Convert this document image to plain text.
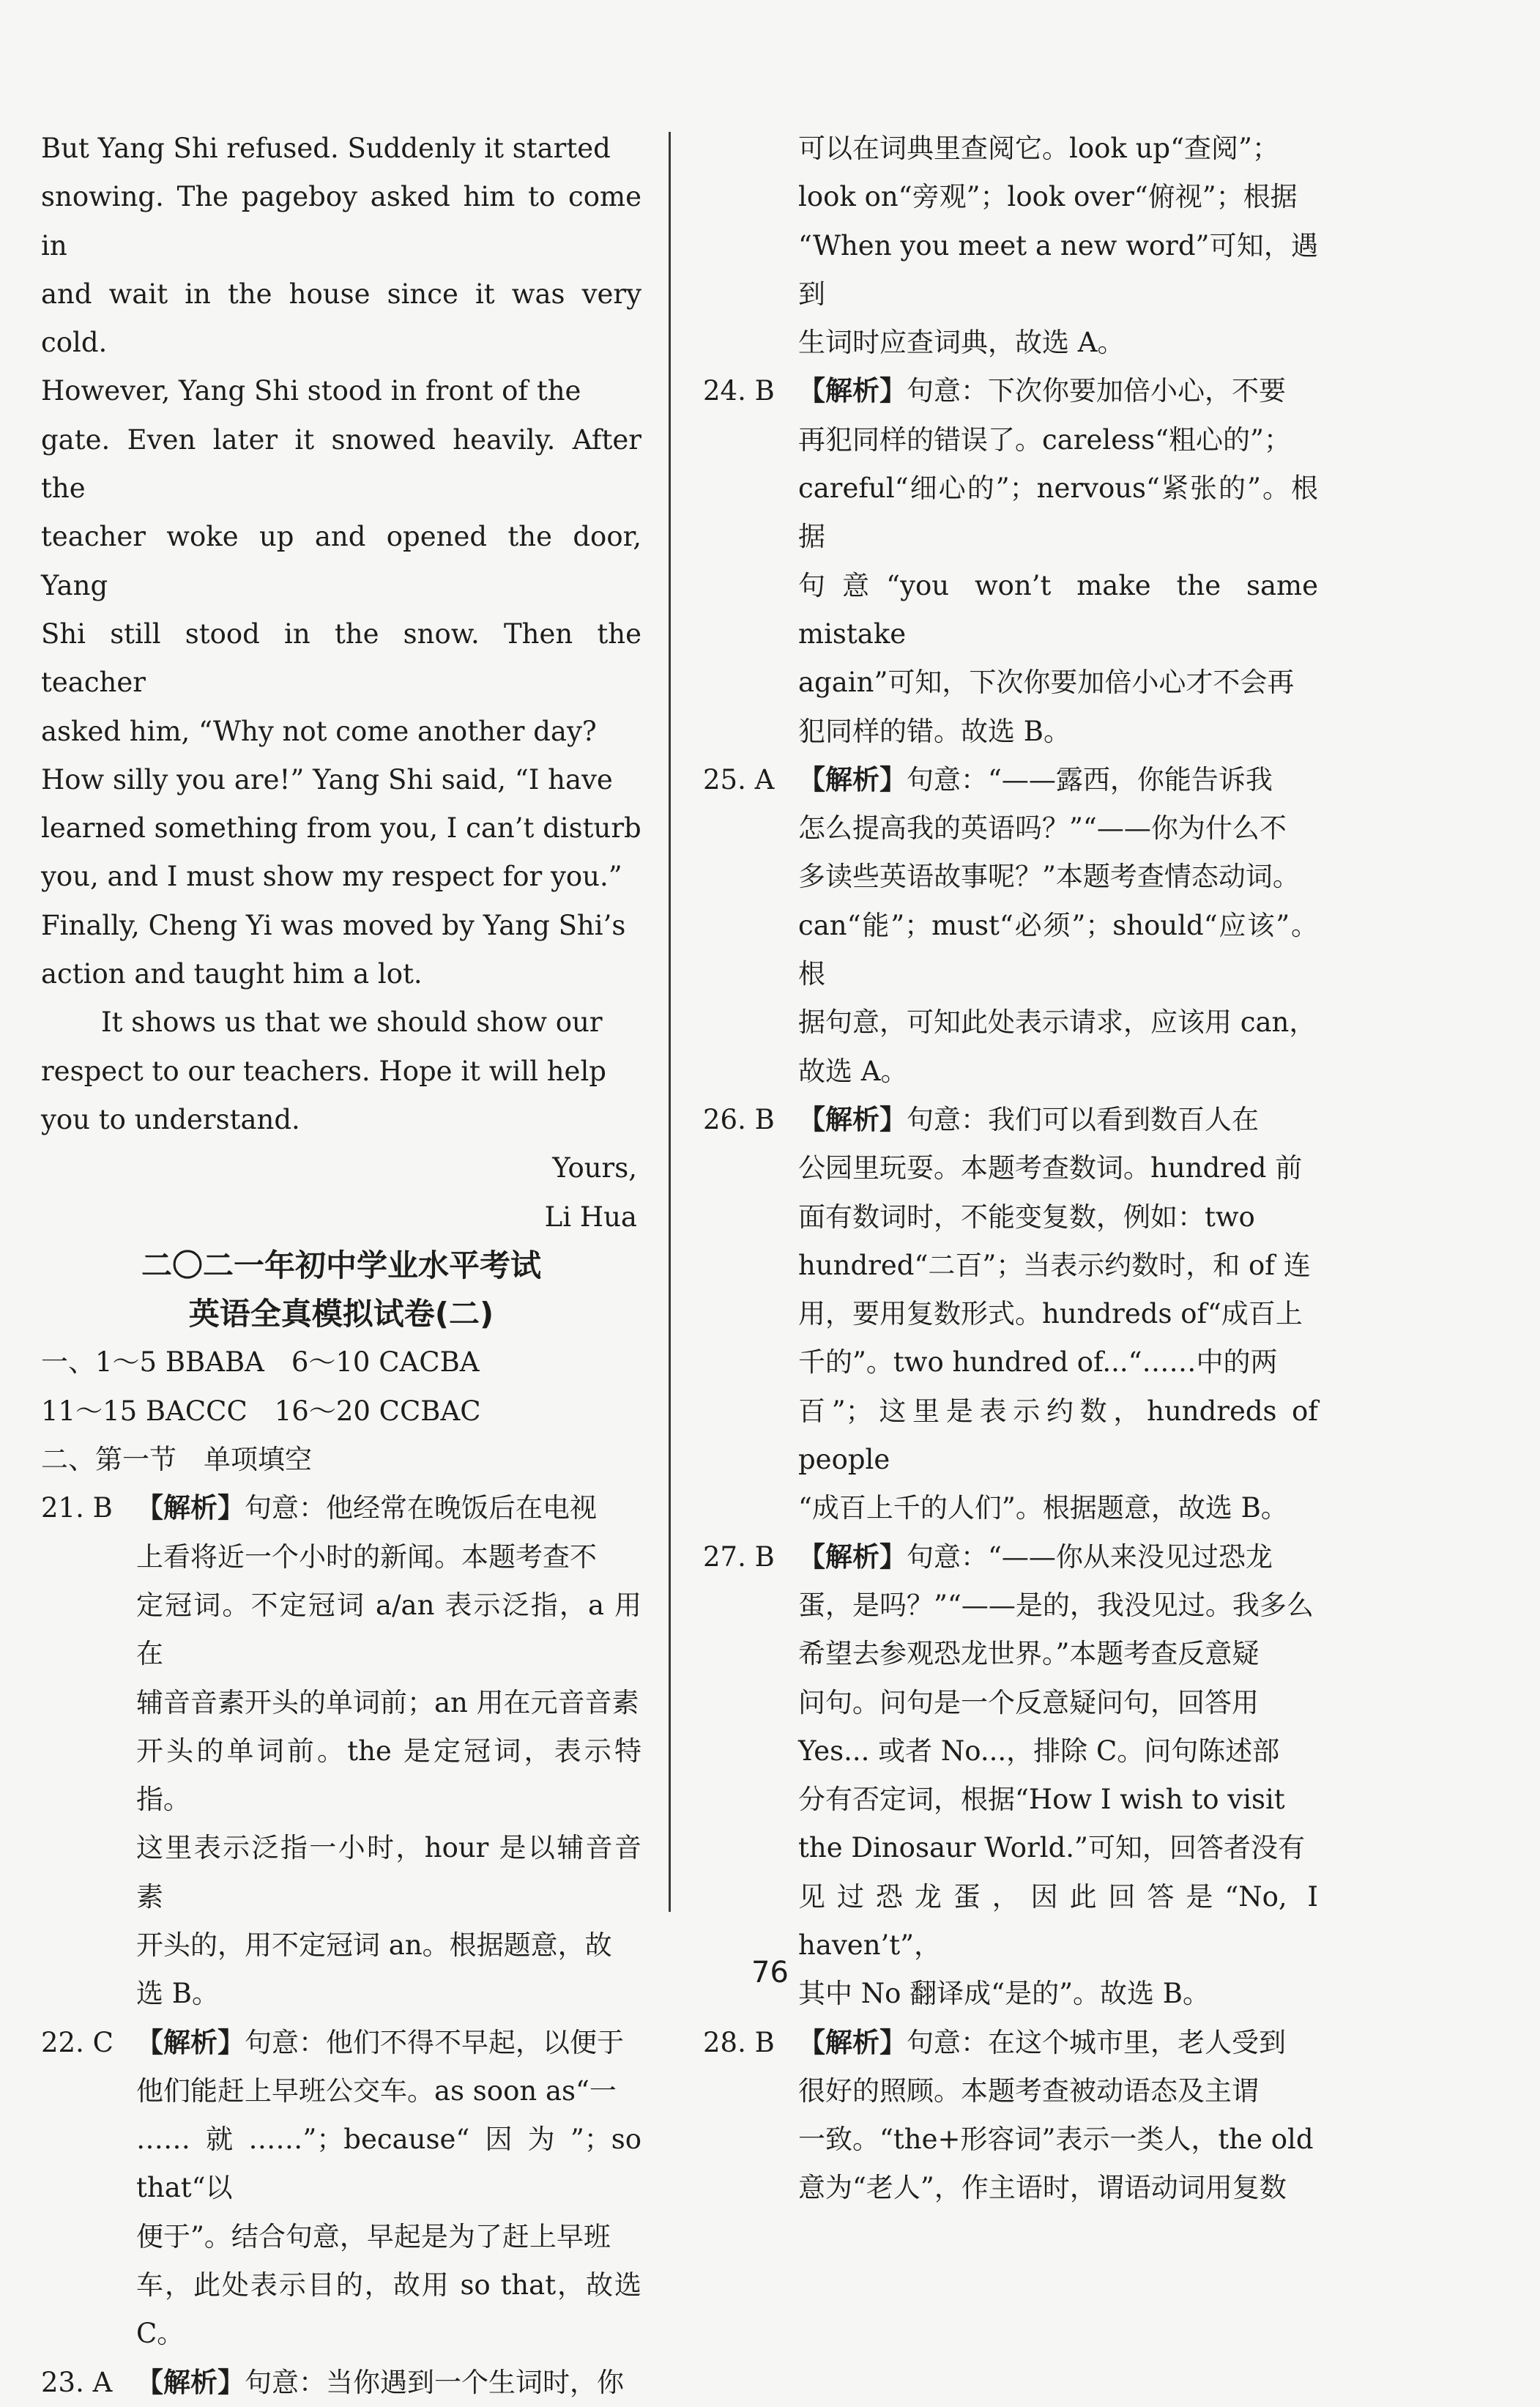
But Yang Shi refused. Suddenly it started

snowing. The pageboy asked him to come in

and wait in the house since it was very cold.

However, Yang Shi stood in front of the

gate. Even later it snowed heavily. After the

teacher woke up and opened the door, Yang

Shi still stood in the snow. Then the teacher

asked him, “Why not come another day?

How silly you are!” Yang Shi said, “I have

learned something from you, I can’t disturb

you, and I must show my respect for you.”

Finally, Cheng Yi was moved by Yang Shi’s

action and taught him a lot.

It shows us that we should show our

respect to our teachers. Hope it will help

you to understand.

Yours,

Li Hua

二〇二一年初中学业水平考试

英语全真模拟试卷(二)

一、1～5 BBABA　6～10 CACBA

11～15 BACCC　16～20 CCBAC

二、第一节　单项填空

21. B 【解析】句意：他经常在晚饭后在电视

上看将近一个小时的新闻。本题考查不

定冠词。不定冠词 a/an 表示泛指，a 用在

辅音音素开头的单词前；an 用在元音音素

开头的单词前。the 是定冠词，表示特指。

这里表示泛指一小时，hour 是以辅音音素

开头的，用不定冠词 an。根据题意，故

选 B。

22. C 【解析】句意：他们不得不早起，以便于

他们能赶上早班公交车。as soon as“一

……就……”；because“因为”；so that“以

便于”。结合句意，早起是为了赶上早班

车，此处表示目的，故用 so that，故选 C。

23. A 【解析】句意：当你遇到一个生词时，你

可以在词典里查阅它。look up“查阅”；

look on“旁观”；look over“俯视”；根据

“When you meet a new word”可知，遇到

生词时应查词典，故选 A。

24. B 【解析】句意：下次你要加倍小心，不要

再犯同样的错误了。careless“粗心的”；

careful“细心的”；nervous“紧张的”。根据

句意“you won’t make the same mistake

again”可知，下次你要加倍小心才不会再

犯同样的错。故选 B。

25. A 【解析】句意：“——露西，你能告诉我

怎么提高我的英语吗？”“——你为什么不

多读些英语故事呢？”本题考查情态动词。

can“能”；must“必须”；should“应该”。根

据句意，可知此处表示请求，应该用 can，

故选 A。

26. B 【解析】句意：我们可以看到数百人在

公园里玩耍。本题考查数词。hundred 前

面有数词时，不能变复数，例如：two

hundred“二百”；当表示约数时，和 of 连

用，要用复数形式。hundreds of“成百上

千的”。two hundred of...“……中的两

百”；这里是表示约数，hundreds of people

“成百上千的人们”。根据题意，故选 B。

27. B 【解析】句意：“——你从来没见过恐龙

蛋，是吗？”“——是的，我没见过。我多么

希望去参观恐龙世界。”本题考查反意疑

问句。问句是一个反意疑问句，回答用

Yes... 或者 No...，排除 C。问句陈述部

分有否定词，根据“How I wish to visit

the Dinosaur World.”可知，回答者没有

见过恐龙蛋，因此回答是“No, I haven’t”，

其中 No 翻译成“是的”。故选 B。

28. B 【解析】句意：在这个城市里，老人受到

很好的照顾。本题考查被动语态及主谓

一致。“the+形容词”表示一类人，the old

意为“老人”，作主语时，谓语动词用复数

76
